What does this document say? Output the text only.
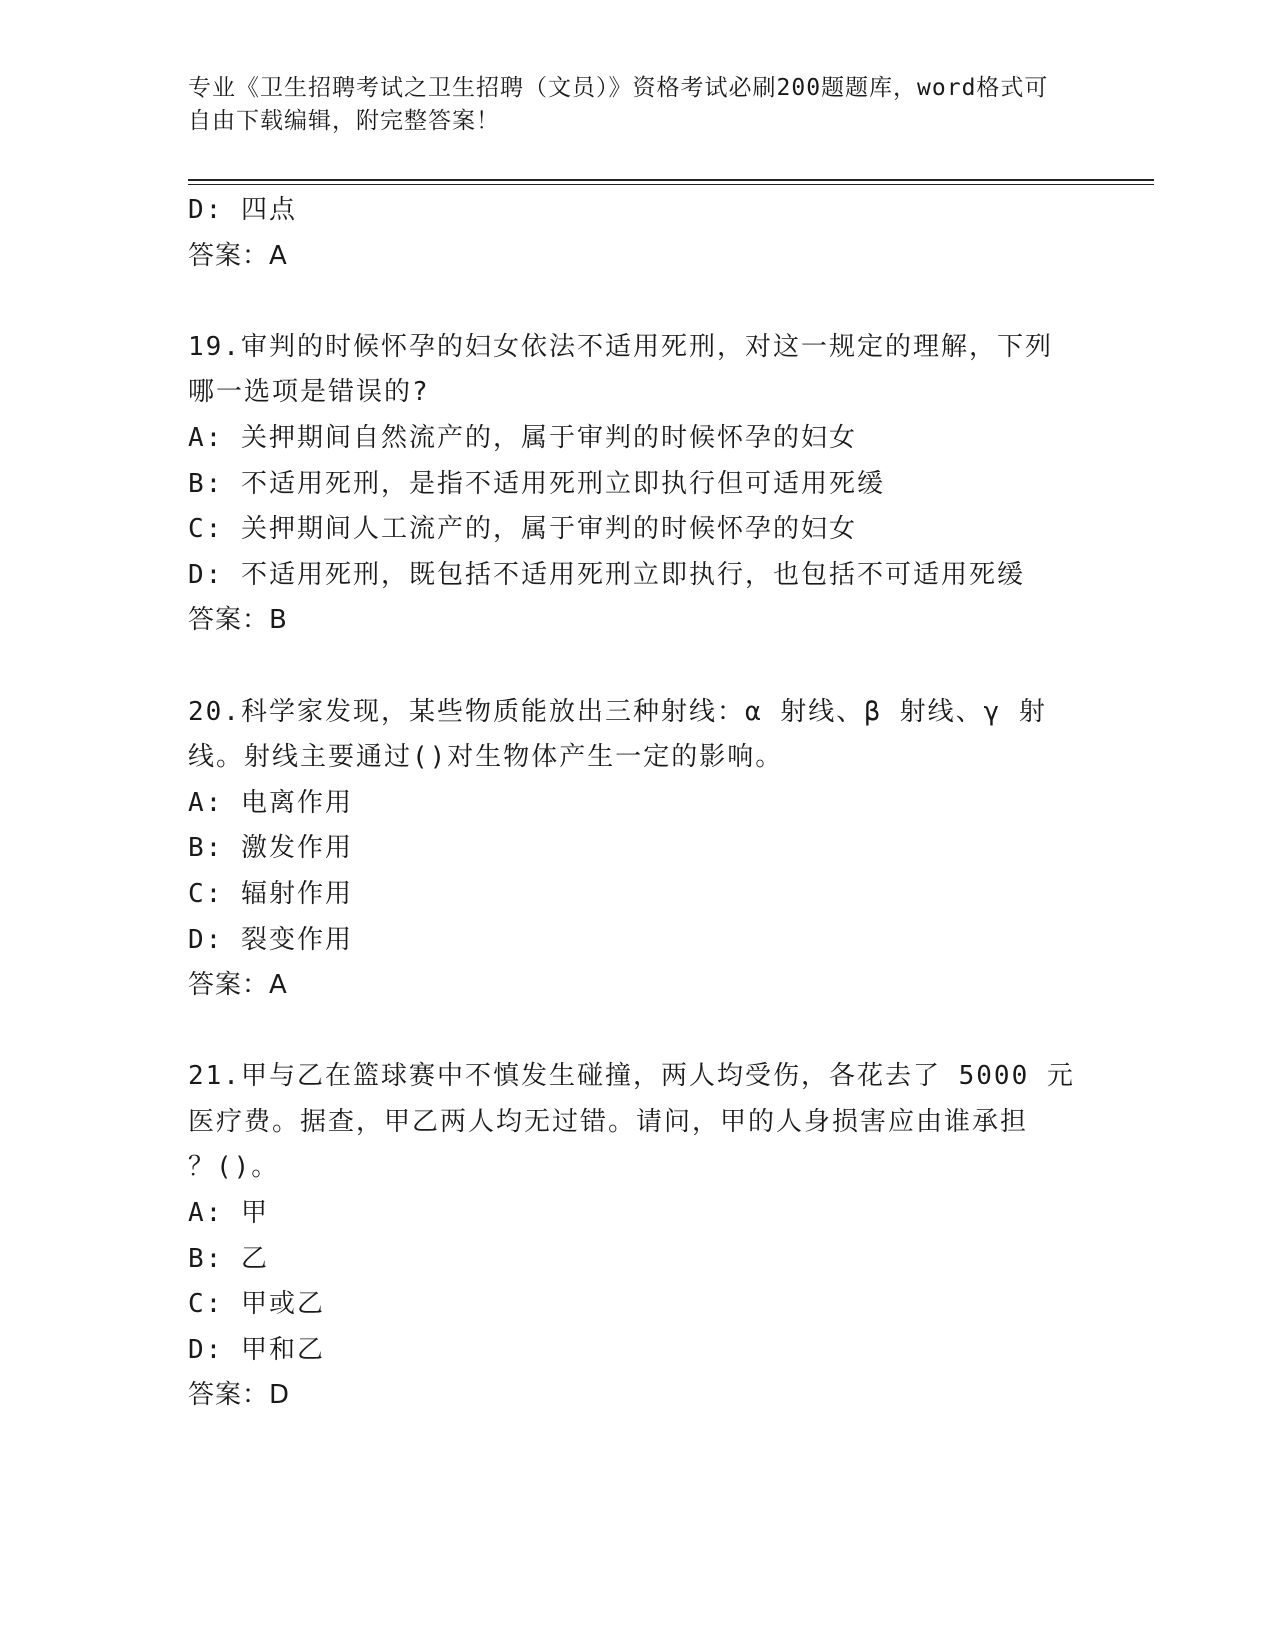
专业《卫生招聘考试之卫生招聘（文员）》资格考试必刷200题题库，word格式可自由下载编辑，附完整答案！
D: 四点
答案：A
19.审判的时候怀孕的妇女依法不适用死刑，对这一规定的理解，下列
哪一选项是错误的?
A: 关押期间自然流产的，属于审判的时候怀孕的妇女
B: 不适用死刑，是指不适用死刑立即执行但可适用死缓
C: 关押期间人工流产的，属于审判的时候怀孕的妇女
D: 不适用死刑，既包括不适用死刑立即执行，也包括不可适用死缓
答案：B
20.科学家发现，某些物质能放出三种射线：α 射线、β 射线、γ 射
线。射线主要通过()对生物体产生一定的影响。
A: 电离作用
B: 激发作用
C: 辐射作用
D: 裂变作用
答案：A
21.甲与乙在篮球赛中不慎发生碰撞，两人均受伤，各花去了 5000 元
医疗费。据查，甲乙两人均无过错。请问，甲的人身损害应由谁承担
？()。
A: 甲
B: 乙
C: 甲或乙
D: 甲和乙
答案：D
